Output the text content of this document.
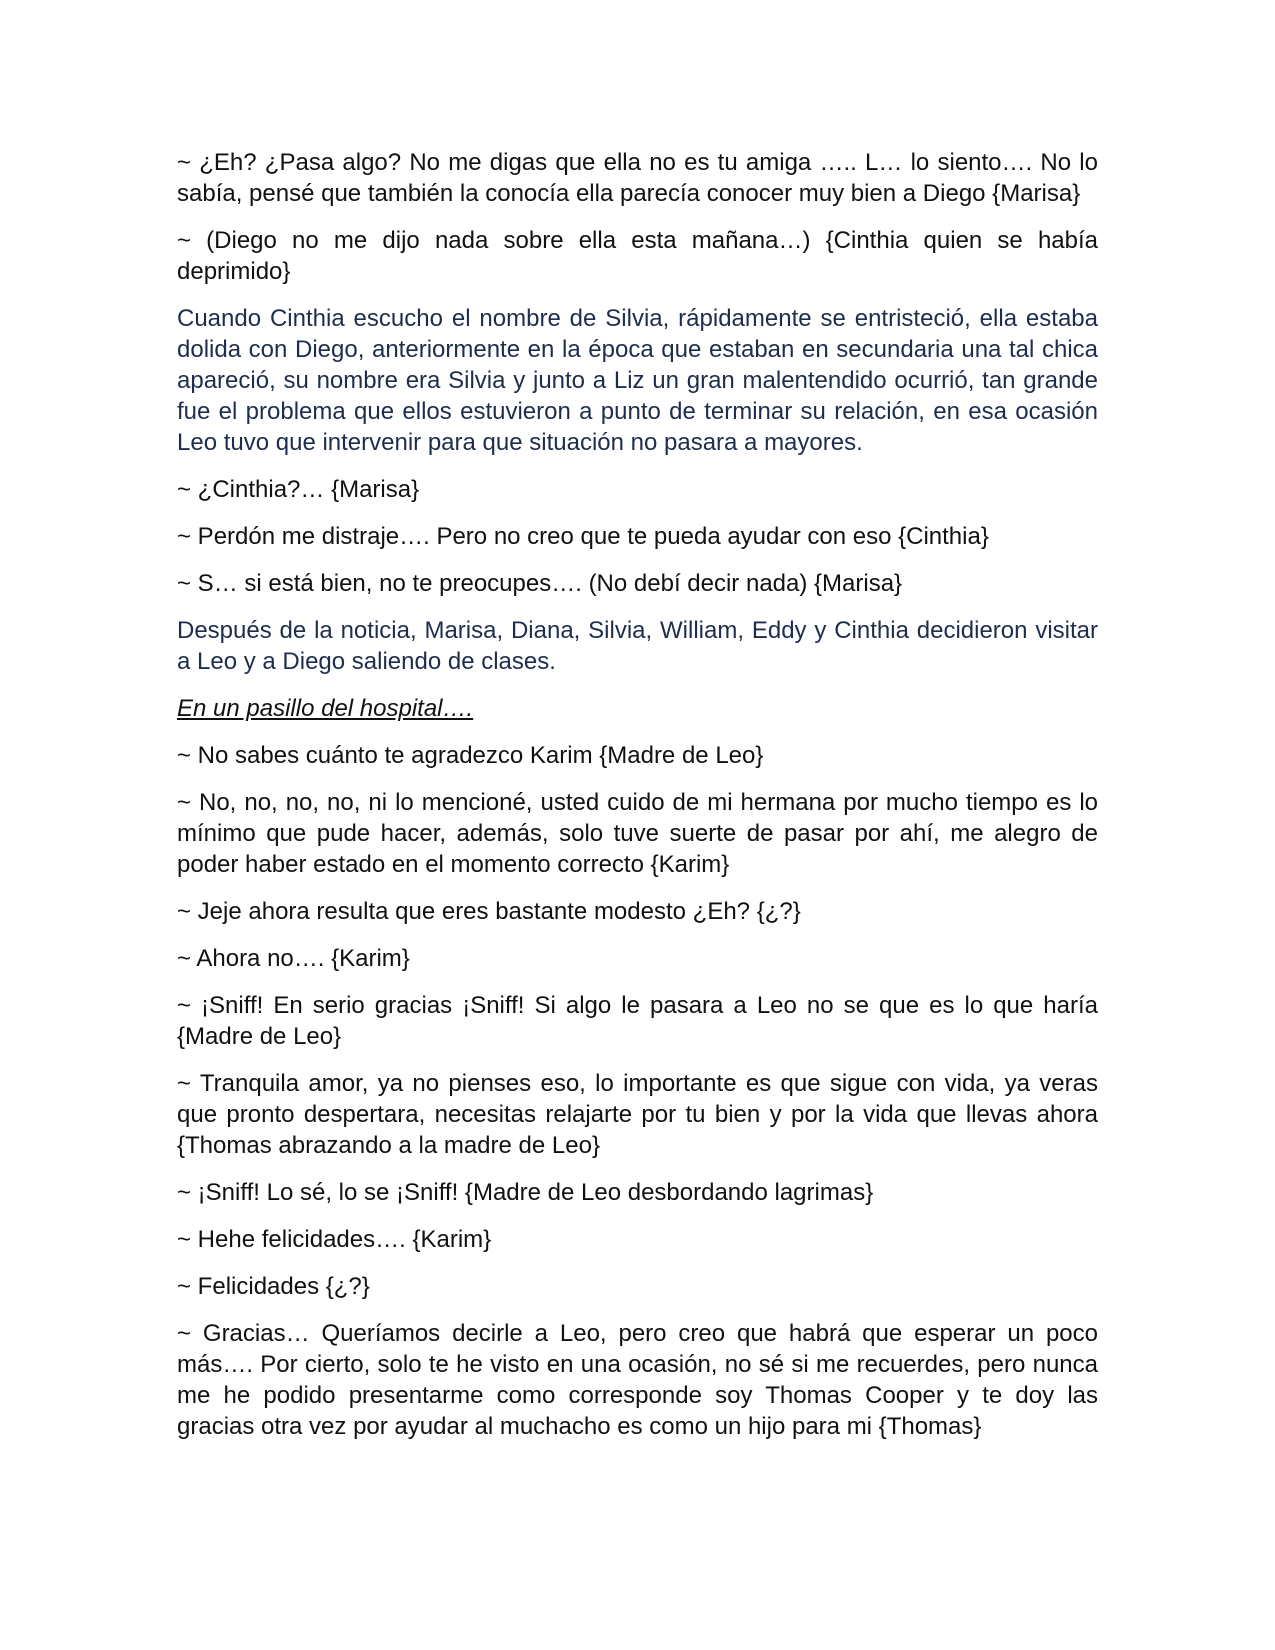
~ ¿Eh? ¿Pasa algo? No me digas que ella no es tu amiga ….. L… lo siento…. No lo sabía, pensé que también la conocía ella parecía conocer muy bien a Diego {Marisa}

~ (Diego no me dijo nada sobre ella esta mañana…) {Cinthia quien se había deprimido}

Cuando Cinthia escucho el nombre de Silvia, rápidamente se entristeció, ella estaba dolida con Diego, anteriormente en la época que estaban en secundaria una tal chica apareció, su nombre era Silvia y junto a Liz un gran malentendido ocurrió, tan grande fue el problema que ellos estuvieron a punto de terminar su relación, en esa ocasión Leo tuvo que intervenir para que situación no pasara a mayores.

~ ¿Cinthia?… {Marisa}

~ Perdón me distraje…. Pero no creo que te pueda ayudar con eso {Cinthia}

~ S… si está bien, no te preocupes…. (No debí decir nada) {Marisa}

Después de la noticia, Marisa, Diana, Silvia, William, Eddy y Cinthia decidieron visitar a Leo y a Diego saliendo de clases.

En un pasillo del hospital….

~ No sabes cuánto te agradezco Karim {Madre de Leo}

~ No, no, no, no, ni lo mencioné, usted cuido de mi hermana por mucho tiempo es lo mínimo que pude hacer, además, solo tuve suerte de pasar por ahí, me alegro de poder haber estado en el momento correcto {Karim}

~ Jeje ahora resulta que eres bastante modesto ¿Eh? {¿?}

~ Ahora no…. {Karim}

~ ¡Sniff! En serio gracias ¡Sniff! Si algo le pasara a Leo no se que es lo que haría {Madre de Leo}

~ Tranquila amor, ya no pienses eso, lo importante es que sigue con vida, ya veras que pronto despertara, necesitas relajarte por tu bien y por la vida que llevas ahora {Thomas abrazando a la madre de Leo}

~ ¡Sniff! Lo sé, lo se ¡Sniff! {Madre de Leo desbordando lagrimas}

~ Hehe felicidades…. {Karim}

~ Felicidades {¿?}

~ Gracias… Queríamos decirle a Leo, pero creo que habrá que esperar un poco más…. Por cierto, solo te he visto en una ocasión, no sé si me recuerdes, pero nunca me he podido presentarme como corresponde soy Thomas Cooper y te doy las gracias otra vez por ayudar al muchacho es como un hijo para mi {Thomas}
